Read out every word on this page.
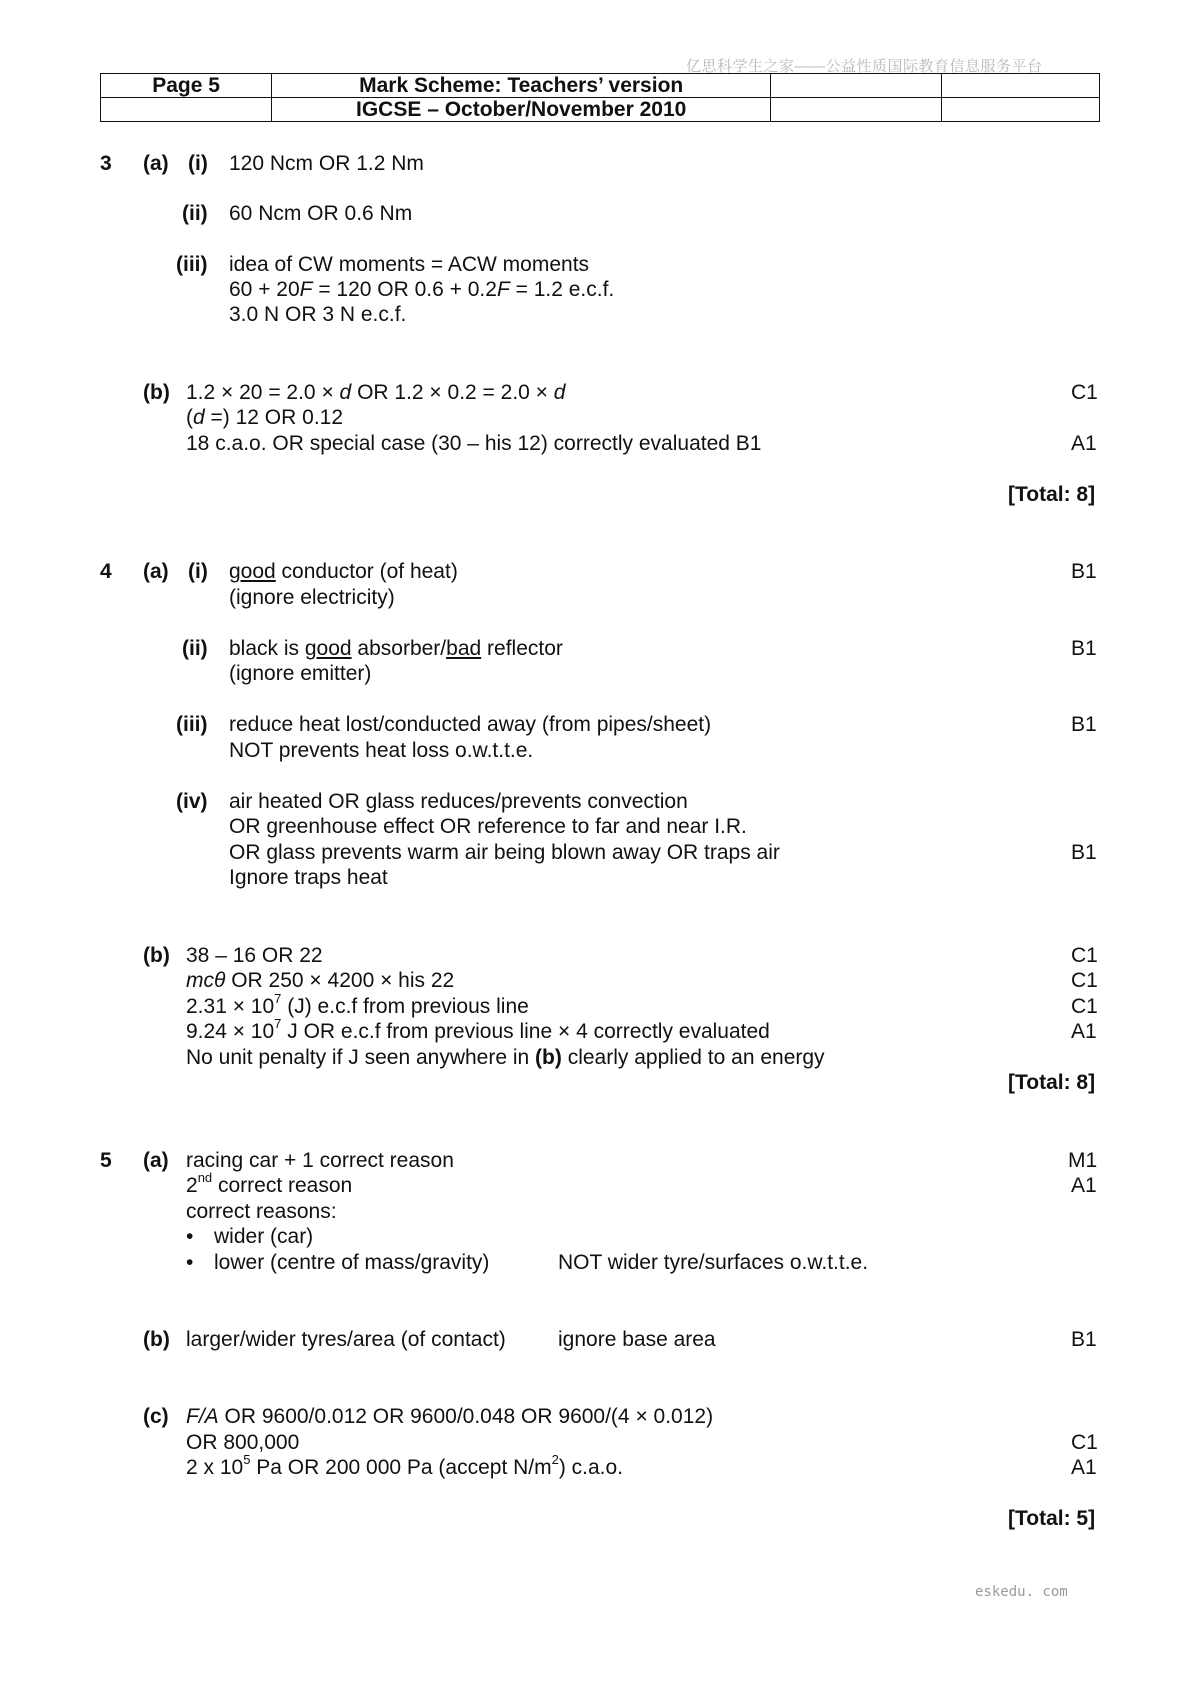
亿思科学生之家——公益性质国际教育信息服务平台
Page 5	Mark Scheme: Teachers’ version		
	IGCSE – October/November 2010		
3 (a) (i) 120 Ncm OR 1.2 Nm
(ii) 60 Ncm OR 0.6 Nm
(iii) idea of CW moments = ACW moments
60 + 20F = 120 OR 0.6 + 0.2F = 1.2 e.c.f.
3.0 N OR 3 N e.c.f.
(b) 1.2 × 20 = 2.0 × d OR 1.2 × 0.2 = 2.0 × d	C1
(d =) 12 OR 0.12
18 c.a.o. OR special case (30 – his 12) correctly evaluated B1	A1
[Total: 8]
4 (a) (i) good conductor (of heat)	B1
(ignore electricity)
(ii) black is good absorber/bad reflector	B1
(ignore emitter)
(iii) reduce heat lost/conducted away (from pipes/sheet)	B1
NOT prevents heat loss o.w.t.t.e.
(iv) air heated OR glass reduces/prevents convection
OR greenhouse effect OR reference to far and near I.R.
OR glass prevents warm air being blown away OR traps air	B1
Ignore traps heat
(b) 38 – 16 OR 22	C1
mcθ OR 250 × 4200 × his 22	C1
$2.31 \times 10^7$ (J) e.c.f from previous line	C1
$9.24 \times 10^7$ J OR e.c.f from previous line × 4 correctly evaluated	A1
No unit penalty if J seen anywhere in (b) clearly applied to an energy
[Total: 8]
5 (a) racing car + 1 correct reason	M1
2nd correct reason	A1
correct reasons:
• wider (car)
• lower (centre of mass/gravity)	NOT wider tyre/surfaces o.w.t.t.e.
(b) larger/wider tyres/area (of contact) ignore base area	B1
(c) F/A OR 9600/0.012 OR 9600/0.048 OR 9600/(4 × 0.012)
OR 800,000	C1
2 x $10^5$ Pa OR 200 000 Pa (accept $N/m^2$) c.a.o.	A1
[Total: 5]
eskedu. com
